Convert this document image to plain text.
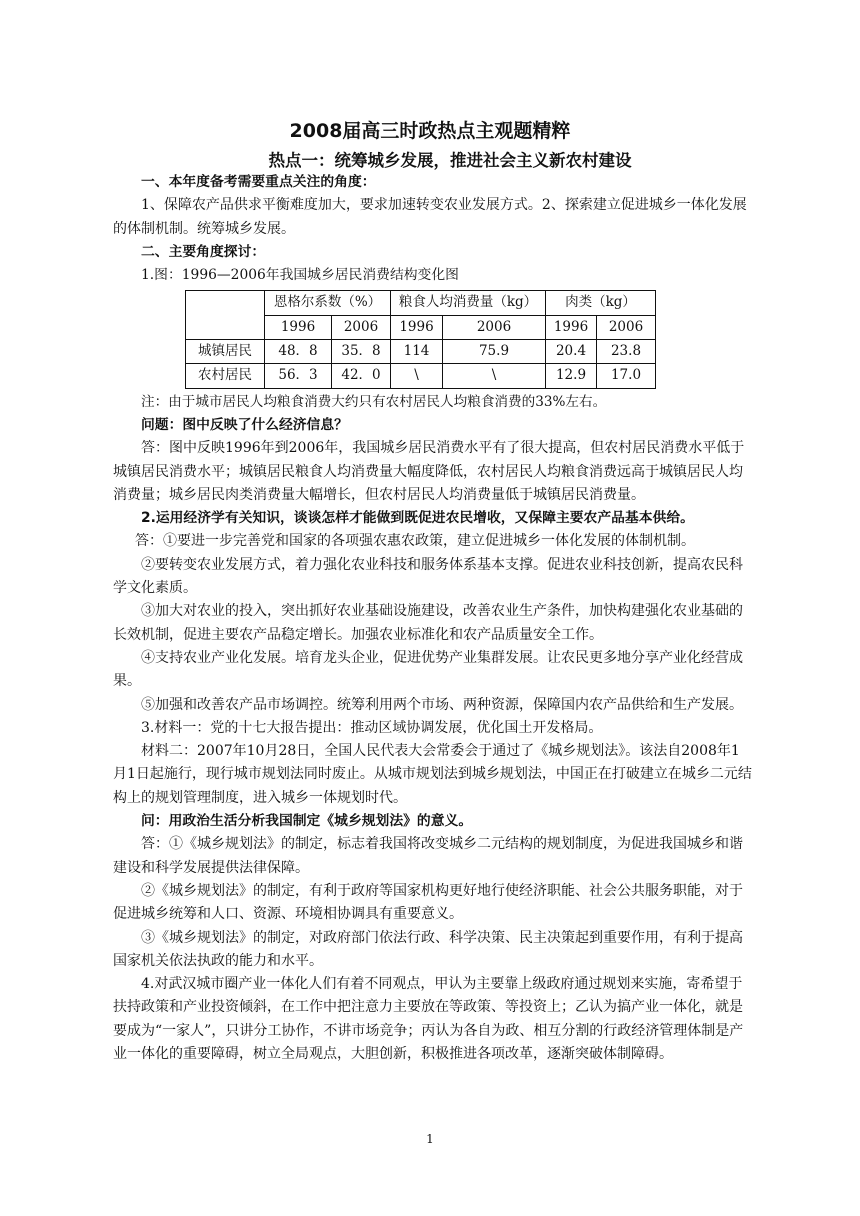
2008届高三时政热点主观题精粹
热点一：统筹城乡发展，推进社会主义新农村建设

一、本年度备考需要重点关注的角度：

1、保障农产品供求平衡难度加大，要求加速转变农业发展方式。2、探索建立促进城乡一体化发展的体制机制。统筹城乡发展。

二、主要角度探讨：

1.图：1996—2006年我国城乡居民消费结构变化图

	恩格尔系数（%）		粮食人均消费量（kg）		肉类（kg）	
	1996	2006	1996	2006	1996	2006
城镇居民	48．8	35．8	114	75.9	20.4	23.8
农村居民	56．3	42．0	\	\	12.9	17.0

注：由于城市居民人均粮食消费大约只有农村居民人均粮食消费的33%左右。

问题：图中反映了什么经济信息？

答：图中反映1996年到2006年，我国城乡居民消费水平有了很大提高，但农村居民消费水平低于城镇居民消费水平；城镇居民粮食人均消费量大幅度降低，农村居民人均粮食消费远高于城镇居民人均消费量；城乡居民肉类消费量大幅增长，但农村居民人均消费量低于城镇居民消费量。

2.运用经济学有关知识，谈谈怎样才能做到既促进农民增收，又保障主要农产品基本供给。

答：①要进一步完善党和国家的各项强农惠农政策，建立促进城乡一体化发展的体制机制。

②要转变农业发展方式，着力强化农业科技和服务体系基本支撑。促进农业科技创新，提高农民科学文化素质。

③加大对农业的投入，突出抓好农业基础设施建设，改善农业生产条件，加快构建强化农业基础的长效机制，促进主要农产品稳定增长。加强农业标准化和农产品质量安全工作。

④支持农业产业化发展。培育龙头企业，促进优势产业集群发展。让农民更多地分享产业化经营成果。

⑤加强和改善农产品市场调控。统筹利用两个市场、两种资源，保障国内农产品供给和生产发展。

3.材料一：党的十七大报告提出：推动区域协调发展，优化国土开发格局。

材料二：2007年10月28日，全国人民代表大会常委会于通过了《城乡规划法》。该法自2008年1月1日起施行，现行城市规划法同时废止。从城市规划法到城乡规划法，中国正在打破建立在城乡二元结构上的规划管理制度，进入城乡一体规划时代。

问：用政治生活分析我国制定《城乡规划法》的意义。

答：①《城乡规划法》的制定，标志着我国将改变城乡二元结构的规划制度，为促进我国城乡和谐建设和科学发展提供法律保障。

②《城乡规划法》的制定，有利于政府等国家机构更好地行使经济职能、社会公共服务职能，对于促进城乡统筹和人口、资源、环境相协调具有重要意义。

③《城乡规划法》的制定，对政府部门依法行政、科学决策、民主决策起到重要作用，有利于提高国家机关依法执政的能力和水平。

4.对武汉城市圈产业一体化人们有着不同观点，甲认为主要靠上级政府通过规划来实施，寄希望于扶持政策和产业投资倾斜，在工作中把注意力主要放在等政策、等投资上；乙认为搞产业一体化，就是要成为“一家人”，只讲分工协作，不讲市场竞争；丙认为各自为政、相互分割的行政经济管理体制是产业一体化的重要障碍，树立全局观点，大胆创新，积极推进各项改革，逐渐突破体制障碍。

1
